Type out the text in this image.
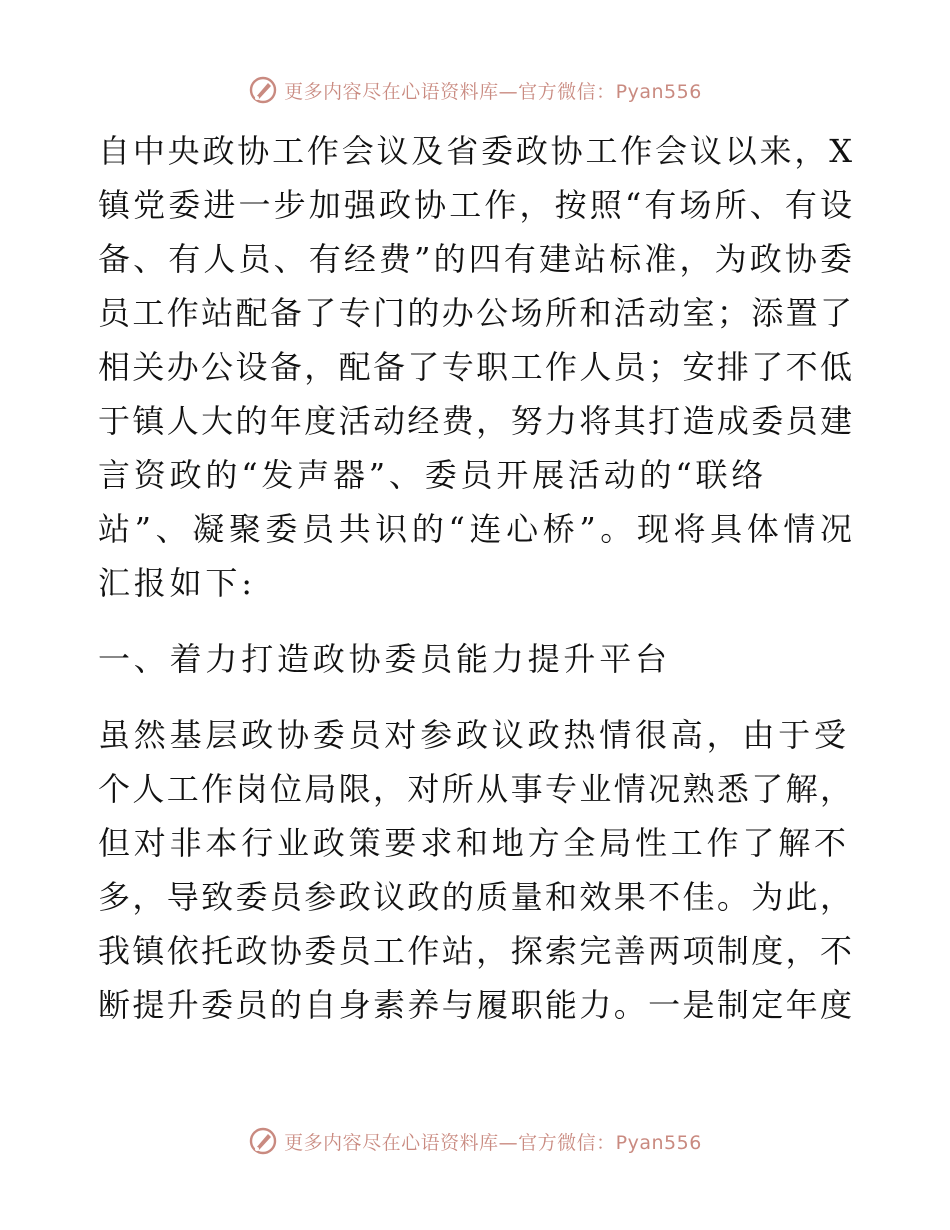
更多内容尽在心语资料库—官方微信：Pyan556
自中央政协工作会议及省委政协工作会议以来，X
镇党委进一步加强政协工作，按照“有场所、有设
备、有人员、有经费”的四有建站标准，为政协委
员工作站配备了专门的办公场所和活动室；添置了
相关办公设备，配备了专职工作人员；安排了不低
于镇人大的年度活动经费，努力将其打造成委员建
言资政的“发声器”、委员开展活动的“联络
站”、凝聚委员共识的“连心桥”。现将具体情况
汇报如下:
一、着力打造政协委员能力提升平台
虽然基层政协委员对参政议政热情很高，由于受
个人工作岗位局限，对所从事专业情况熟悉了解，
但对非本行业政策要求和地方全局性工作了解不
多，导致委员参政议政的质量和效果不佳。为此，
我镇依托政协委员工作站，探索完善两项制度，不
断提升委员的自身素养与履职能力。一是制定年度
更多内容尽在心语资料库—官方微信：Pyan556
